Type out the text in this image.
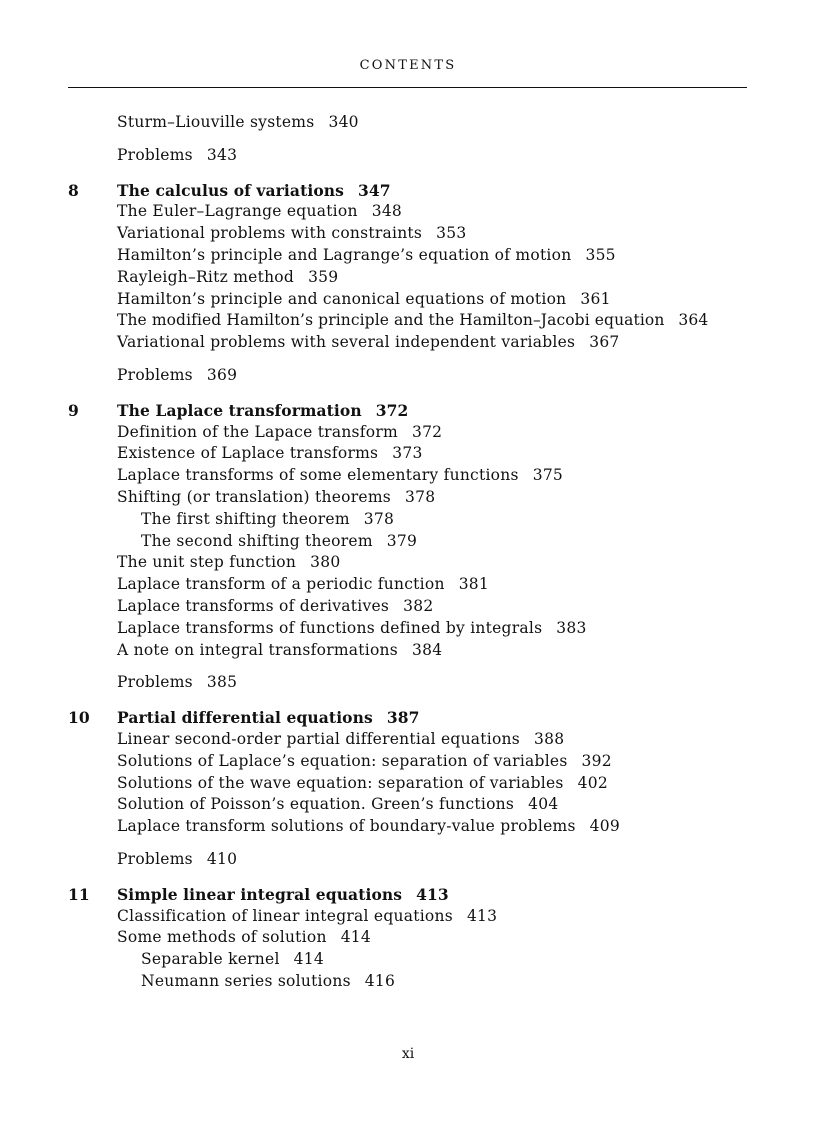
CONTENTS
Sturm–Liouville systems 340
Problems 343
8 The calculus of variations 347
The Euler–Lagrange equation 348
Variational problems with constraints 353
Hamilton’s principle and Lagrange’s equation of motion 355
Rayleigh–Ritz method 359
Hamilton’s principle and canonical equations of motion 361
The modified Hamilton’s principle and the Hamilton–Jacobi equation 364
Variational problems with several independent variables 367
Problems 369
9 The Laplace transformation 372
Definition of the Lapace transform 372
Existence of Laplace transforms 373
Laplace transforms of some elementary functions 375
Shifting (or translation) theorems 378
The first shifting theorem 378
The second shifting theorem 379
The unit step function 380
Laplace transform of a periodic function 381
Laplace transforms of derivatives 382
Laplace transforms of functions defined by integrals 383
A note on integral transformations 384
Problems 385
10 Partial differential equations 387
Linear second-order partial differential equations 388
Solutions of Laplace’s equation: separation of variables 392
Solutions of the wave equation: separation of variables 402
Solution of Poisson’s equation. Green’s functions 404
Laplace transform solutions of boundary-value problems 409
Problems 410
11 Simple linear integral equations 413
Classification of linear integral equations 413
Some methods of solution 414
Separable kernel 414
Neumann series solutions 416
xi
